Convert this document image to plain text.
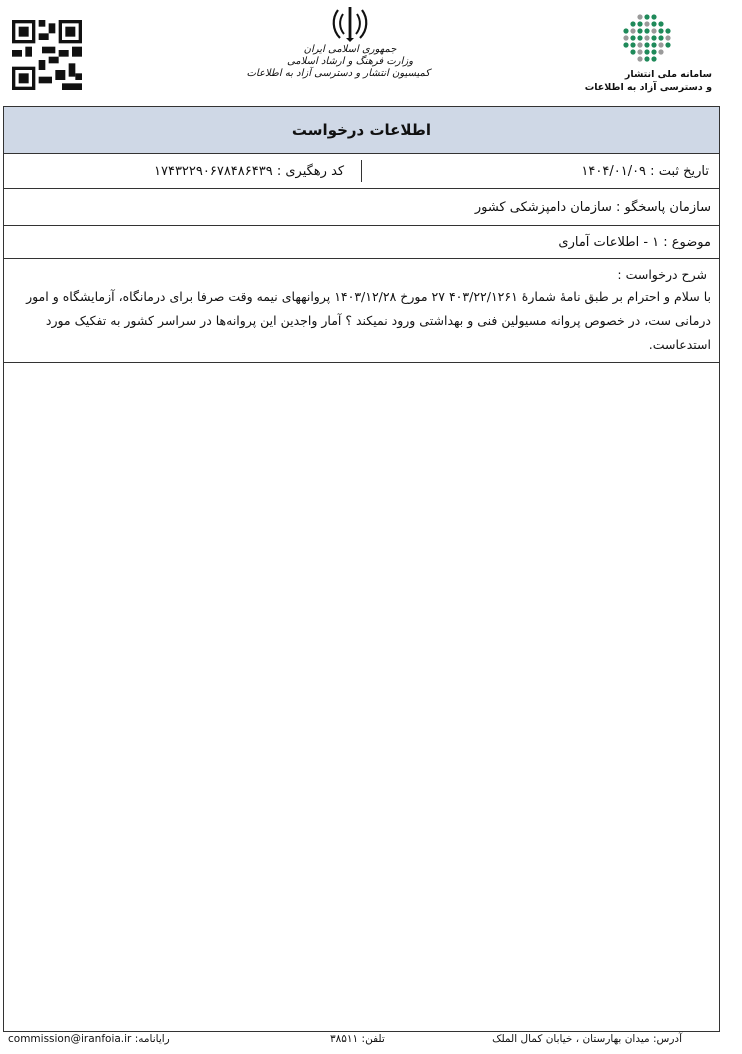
جمهوری اسلامی ایران
وزارت فرهنگ و ارشاد اسلامی
کمیسیون انتشار و دسترسی آزاد به اطلاعات	سامانه ملی انتشار
و دسترسی آزاد به اطلاعات
اطلاعات درخواست
تاریخ ثبت : ۱۴۰۴/۰۱/۰۹
کد رهگیری : ۱۷۴۳۲۲۹۰۶۷۸۴۸۶۴۳۹
سازمان پاسخگو : سازمان دامپزشکی کشور
موضوع : ۱ - اطلاعات آماری
شرح درخواست :
با سلام و احترام بر طبق نامهٔ شمارهٔ ۴۰۳/۲۲/۱۲۶۱ ۲۷ مورخ ۱۴۰۳/۱۲/۲۸ پروانههای نیمه وقت صرفا برای درمانگاه، آزمایشگاه و امور درمانی ست، در خصوص پروانه مسیولین فنی و بهداشتی ورود نمیکند ؟ آمار واجدین این پروانه‌ها در سراسر کشور به تفکیک مورد استدعاست.
آدرس: میدان بهارستان ، خیابان کمال الملک
تلفن: ۳۸۵۱۱
رایانامه: commission@iranfoia.ir
